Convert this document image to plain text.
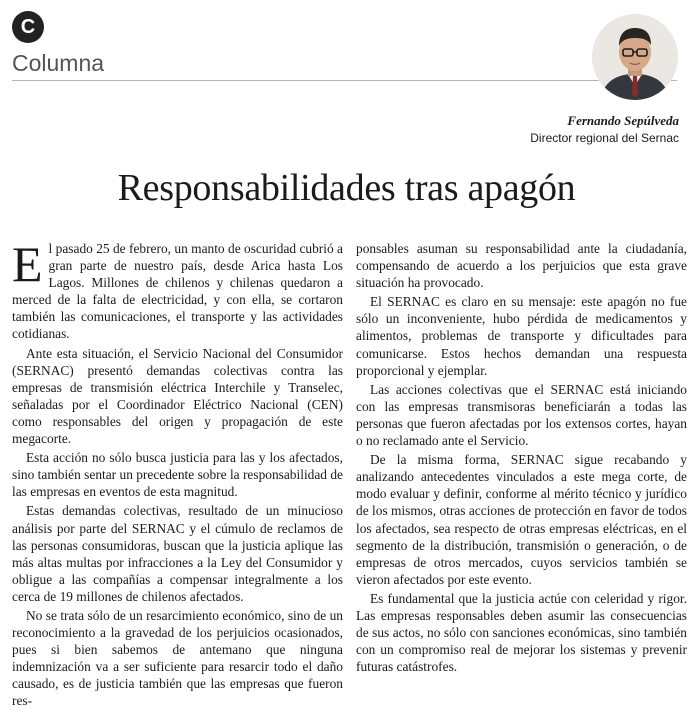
C
Columna
Fernando Sepúlveda
Director regional del Sernac
Responsabilidades tras apagón

El pasado 25 de febrero, un manto de oscuridad cubrió a gran parte de nuestro país, desde Arica hasta Los Lagos. Millones de chilenos y chilenas quedaron a merced de la falta de electricidad, y con ella, se cortaron también las comunicaciones, el transporte y las actividades cotidianas.

Ante esta situación, el Servicio Nacional del Consumidor (SERNAC) presentó demandas colectivas contra las empresas de transmisión eléctrica Interchile y Transelec, señaladas por el Coordinador Eléctrico Nacional (CEN) como responsables del origen y propagación de este megacorte.

Esta acción no sólo busca justicia para las y los afectados, sino también sentar un precedente sobre la responsabilidad de las empresas en eventos de esta magnitud.

Estas demandas colectivas, resultado de un minucioso análisis por parte del SERNAC y el cúmulo de reclamos de las personas consumidoras, buscan que la justicia aplique las más altas multas por infracciones a la Ley del Consumidor y obligue a las compañías a compensar integralmente a los cerca de 19 millones de chilenos afectados.

No se trata sólo de un resarcimiento económico, sino de un reconocimiento a la gravedad de los perjuicios ocasionados, pues si bien sabemos de antemano que ninguna indemnización va a ser suficiente para resarcir todo el daño causado, es de justicia también que las empresas que fueron res-

ponsables asuman su responsabilidad ante la ciudadanía, compensando de acuerdo a los perjuicios que esta grave situación ha provocado.

El SERNAC es claro en su mensaje: este apagón no fue sólo un inconveniente, hubo pérdida de medicamentos y alimentos, problemas de transporte y dificultades para comunicarse. Estos hechos demandan una respuesta proporcional y ejemplar.

Las acciones colectivas que el SERNAC está iniciando con las empresas transmisoras beneficiarán a todas las personas que fueron afectadas por los extensos cortes, hayan o no reclamado ante el Servicio.

De la misma forma, SERNAC sigue recabando y analizando antecedentes vinculados a este mega corte, de modo evaluar y definir, conforme al mérito técnico y jurídico de los mismos, otras acciones de protección en favor de todos los afectados, sea respecto de otras empresas eléctricas, en el segmento de la distribución, transmisión o generación, o de empresas de otros mercados, cuyos servicios también se vieron afectados por este evento.

Es fundamental que la justicia actúe con celeridad y rigor. Las empresas responsables deben asumir las consecuencias de sus actos, no sólo con sanciones económicas, sino también con un compromiso real de mejorar los sistemas y prevenir futuras catástrofes.
